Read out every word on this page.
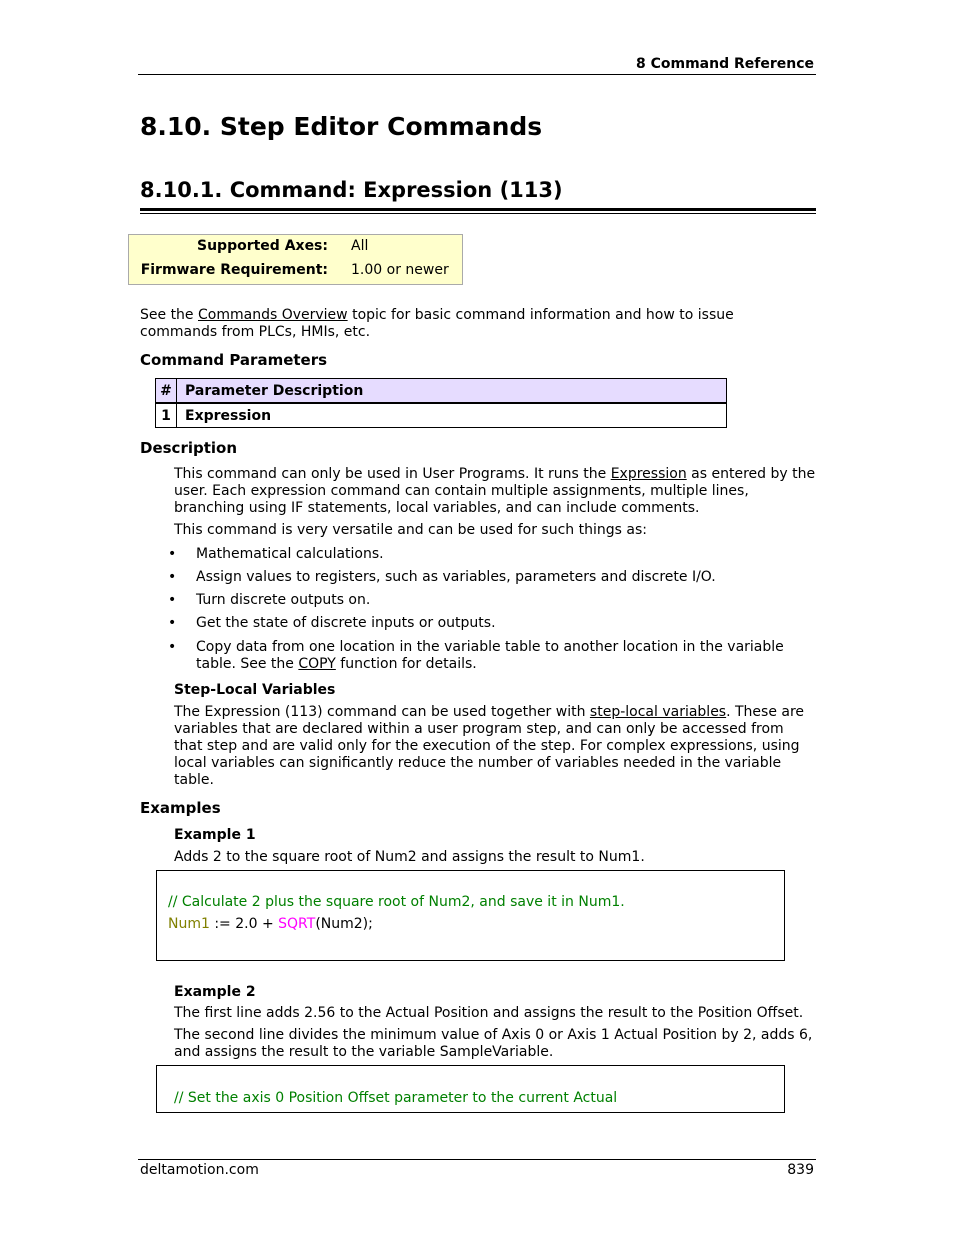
8 Command Reference
8.10. Step Editor Commands
8.10.1. Command: Expression (113)
Supported Axes: All
Firmware Requirement: 1.00 or newer
See the Commands Overview topic for basic command information and how to issue commands from PLCs, HMIs, etc.
Command Parameters
#	Parameter Description
1	Expression
Description
This command can only be used in User Programs. It runs the Expression as entered by the user. Each expression command can contain multiple assignments, multiple lines, branching using IF statements, local variables, and can include comments.
This command is very versatile and can be used for such things as:
• Mathematical calculations.
• Assign values to registers, such as variables, parameters and discrete I/O.
• Turn discrete outputs on.
• Get the state of discrete inputs or outputs.
• Copy data from one location in the variable table to another location in the variable table. See the COPY function for details.
Step-Local Variables
The Expression (113) command can be used together with step-local variables. These are variables that are declared within a user program step, and can only be accessed from that step and are valid only for the execution of the step. For complex expressions, using local variables can significantly reduce the number of variables needed in the variable table.
Examples
Example 1
Adds 2 to the square root of Num2 and assigns the result to Num1.
// Calculate 2 plus the square root of Num2, and save it in Num1.
Num1 := 2.0 + SQRT(Num2);
Example 2
The first line adds 2.56 to the Actual Position and assigns the result to the Position Offset.
The second line divides the minimum value of Axis 0 or Axis 1 Actual Position by 2, adds 6, and assigns the result to the variable SampleVariable.
// Set the axis 0 Position Offset parameter to the current Actual
deltamotion.com	839
